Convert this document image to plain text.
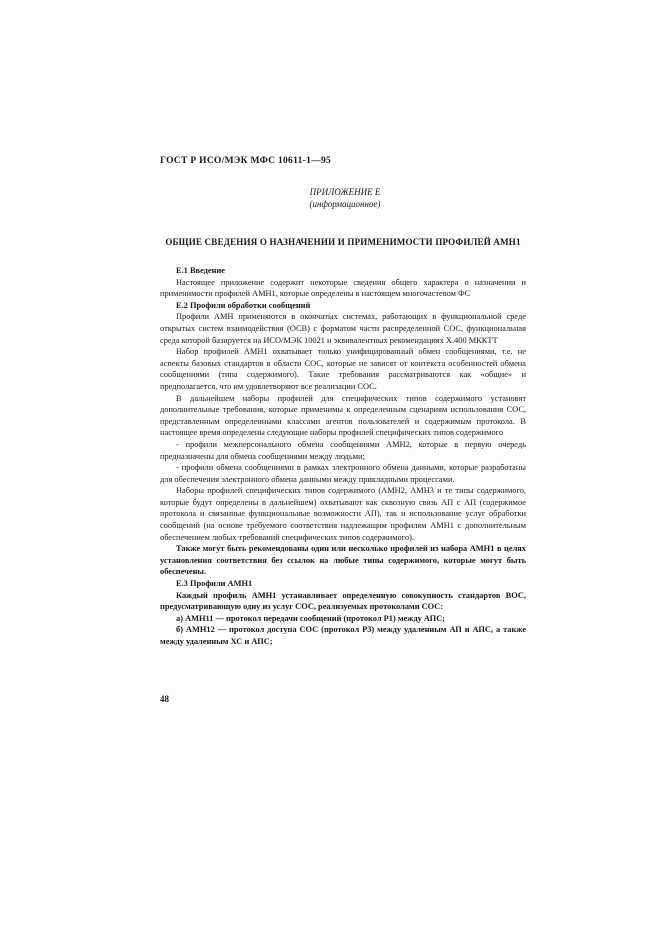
ГОСТ Р ИСО/МЭК МФС 10611-1—95
ПРИЛОЖЕНИЕ Е
(информационное)
ОБЩИЕ СВЕДЕНИЯ О НАЗНАЧЕНИИ И ПРИМЕНИМОСТИ ПРОФИЛЕЙ АМН1
Е.1 Введение

Настоящее приложение содержит некоторые сведения общего характера о назначении и применимости профилей АМН1, которые определены в настоящем многочастевом ФС

Е.2 Профили обработки сообщений

Профили АМН применяются в окончатых системах, работающих в функциональной среде открытых систем взаимодействия (ОСВ) с форматом части распределенной СОС, функциональная среда которой базируется на ИСО/МЭК 10021 и эквивалентных рекомендациях Х.400 МККТТ

Набор профилей АМН1 охватывает только унифицированный обмен сообщениями, т.е. не аспекты базовых стандартов в области СОС, которые не зависят от контекста особенностей обмена сообщениями (типа содержимого). Такие требования рассматриваются как «общие» и предполагается, что им удовлетворяют все реализации СОС.

В дальнейшем наборы профилей для специфических типов содержимого установят дополнительные требования, которые применимы к определенным сценариям использования СОС, представленным определенными классами агентов пользователей и содержимым протокола. В настоящее время определены следующие наборы профилей специфических типов содержимого

- профили межперсонального обмена сообщениями АМН2, которые в первую очередь предназначены для обмена сообщениями между людьми;

- профили обмена сообщениями в рамках электронного обмена данными, которые разработаны для обеспечения электронного обмена данными между прикладными процессами.

Наборы профилей специфических типов содержимого (АМН2, АМН3 и те типы содержимого, которые будут определены в дальнейшем) охватывают как сквозную связь АП с АП (содержимое протокола и связанные функциональные возможности АП), так и использование услуг обработки сообщений (на основе требуемого соответствия надлежащим профилям АМН1 с дополнительным обеспечением любых требований специфических типов содержимого).

Также могут быть рекомендованы один или несколько профилей из набора АМН1 в целях установления соответствия без ссылок на любые типы содержимого, которые могут быть обеспечены.

Е.3 Профили АМН1

Каждый профиль АМН1 устанавливает определенную совокупность стандартов ВОС, предусматривающую одну из услуг СОС, реализуемых протоколами СОС:

а) АМН11 — протокол передачи сообщений (протокол Р1) между АПС;

б) АМН12 — протокол доступа СОС (протокол Р3) между удаленным АП и АПС, а также между удаленным ХС и АПС;

48
